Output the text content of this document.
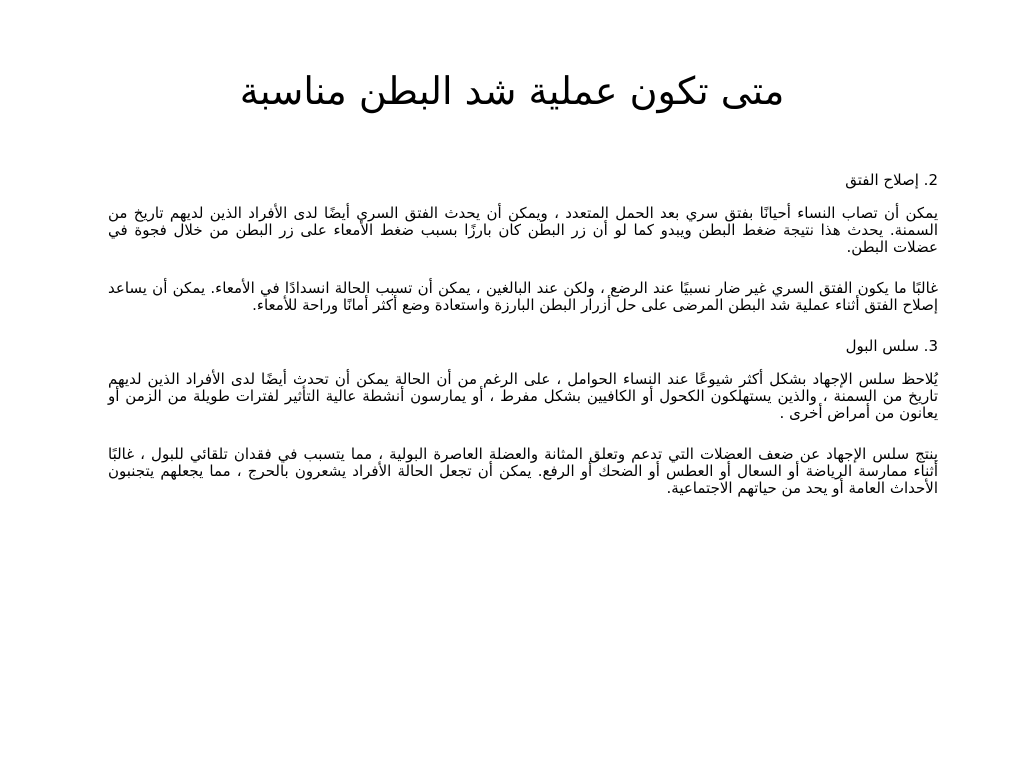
متى تكون عملية شد البطن مناسبة

2. إصلاح الفتق

يمكن أن تصاب النساء أحيانًا بفتق سري بعد الحمل المتعدد ، ويمكن أن يحدث الفتق السري أيضًا لدى الأفراد الذين لديهم تاريخ من السمنة. يحدث هذا نتيجة ضغط البطن ويبدو كما لو أن زر البطن كان بارزًا بسبب ضغط الأمعاء على زر البطن من خلال فجوة في عضلات البطن.

غالبًا ما يكون الفتق السري غير ضار نسبيًا عند الرضع ، ولكن عند البالغين ، يمكن أن تسبب الحالة انسدادًا في الأمعاء. يمكن أن يساعد إصلاح الفتق أثناء عملية شد البطن المرضى على حل أزرار البطن البارزة واستعادة وضع أكثر أمانًا وراحة للأمعاء.

3. سلس البول

يُلاحظ سلس الإجهاد بشكل أكثر شيوعًا عند النساء الحوامل ، على الرغم من أن الحالة يمكن أن تحدث أيضًا لدى الأفراد الذين لديهم تاريخ من السمنة ، والذين يستهلكون الكحول أو الكافيين بشكل مفرط ، أو يمارسون أنشطة عالية التأثير لفترات طويلة من الزمن أو يعانون من أمراض أخرى .

ينتج سلس الإجهاد عن ضعف العضلات التي تدعم وتعلق المثانة والعضلة العاصرة البولية ، مما يتسبب في فقدان تلقائي للبول ، غالبًا أثناء ممارسة الرياضة أو السعال أو العطس أو الضحك أو الرفع. يمكن أن تجعل الحالة الأفراد يشعرون بالحرج ، مما يجعلهم يتجنبون الأحداث العامة أو يحد من حياتهم الاجتماعية.
